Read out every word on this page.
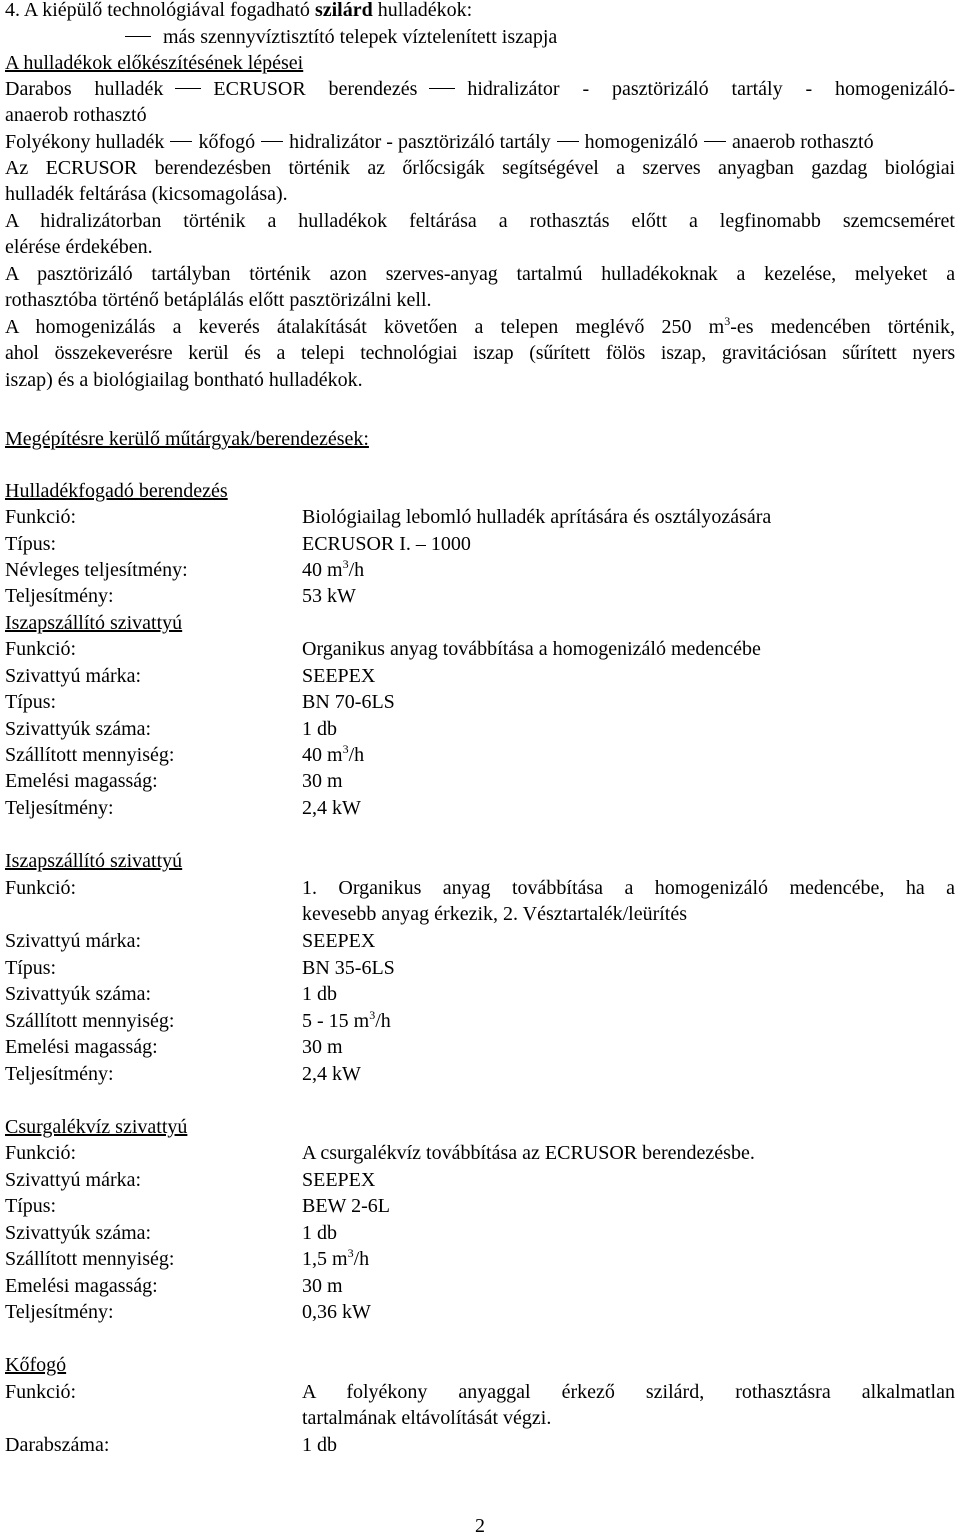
4. A kiépülő technológiával fogadható szilárd hulladékok:
más szennyvíztisztító telepek víztelenített iszapja
A hulladékok előkészítésének lépései
Darabos hulladék	ECRUSOR berendezés	hidralizátor - pasztörizáló tartály - homogenizáló-
anaerob rothasztó
Folyékony hulladék kőfogó hidralizátor - pasztörizáló tartály homogenizáló anaerob rothasztó
Az ECRUSOR berendezésben történik az őrlőcsigák segítségével a szerves anyagban gazdag biológiai
hulladék feltárása (kicsomagolása).
A hidralizátorban történik a hulladékok feltárása a rothasztás előtt a legfinomabb szemcseméret
elérése érdekében.
A pasztörizáló tartályban történik azon szerves-anyag tartalmú hulladékoknak a kezelése, melyeket a
rothasztóba történő betáplálás előtt pasztörizálni kell.
A homogenizálás a keverés átalakítását követően a telepen meglévő 250 $m^3-es$ medencében történik,
ahol összekeverésre kerül és a telepi technológiai iszap (sűrített fölös iszap, gravitációsan sűrített nyers
iszap) és a biológiailag bontható hulladékok.
Megépítésre kerülő műtárgyak/berendezések:
Hulladékfogadó berendezés
Funkció:	Biológiailag lebomló hulladék aprítására és osztályozására
Típus:	ECRUSOR I. – 1000
Névleges teljesítmény:	40 $m^3/h$
Teljesítmény:	53 kW
Iszapszállító szivattyú
Funkció:	Organikus anyag továbbítása a homogenizáló medencébe
Szivattyú márka:	SEEPEX
Típus:	BN 70-6LS
Szivattyúk száma:	1 db
Szállított mennyiség:	40 $m^3/h$
Emelési magasság:	30 m
Teljesítmény:	2,4 kW
Iszapszállító szivattyú
Funkció:	1. Organikus anyag továbbítása a homogenizáló medencébe, ha a
kevesebb anyag érkezik, 2. Vésztartalék/leürítés
Szivattyú márka:	SEEPEX
Típus:	BN 35-6LS
Szivattyúk száma:	1 db
Szállított mennyiség:	5 - 15 $m^3/h$
Emelési magasság:	30 m
Teljesítmény:	2,4 kW
Csurgalékvíz szivattyú
Funkció:	A csurgalékvíz továbbítása az ECRUSOR berendezésbe.
Szivattyú márka:	SEEPEX
Típus:	BEW 2-6L
Szivattyúk száma:	1 db
Szállított mennyiség:	1,5 $m^3/h$
Emelési magasság:	30 m
Teljesítmény:	0,36 kW
Kőfogó
Funkció:	A folyékony anyaggal érkező szilárd, rothasztásra alkalmatlan
tartalmának eltávolítását végzi.
Darabszáma:	1 db
2
